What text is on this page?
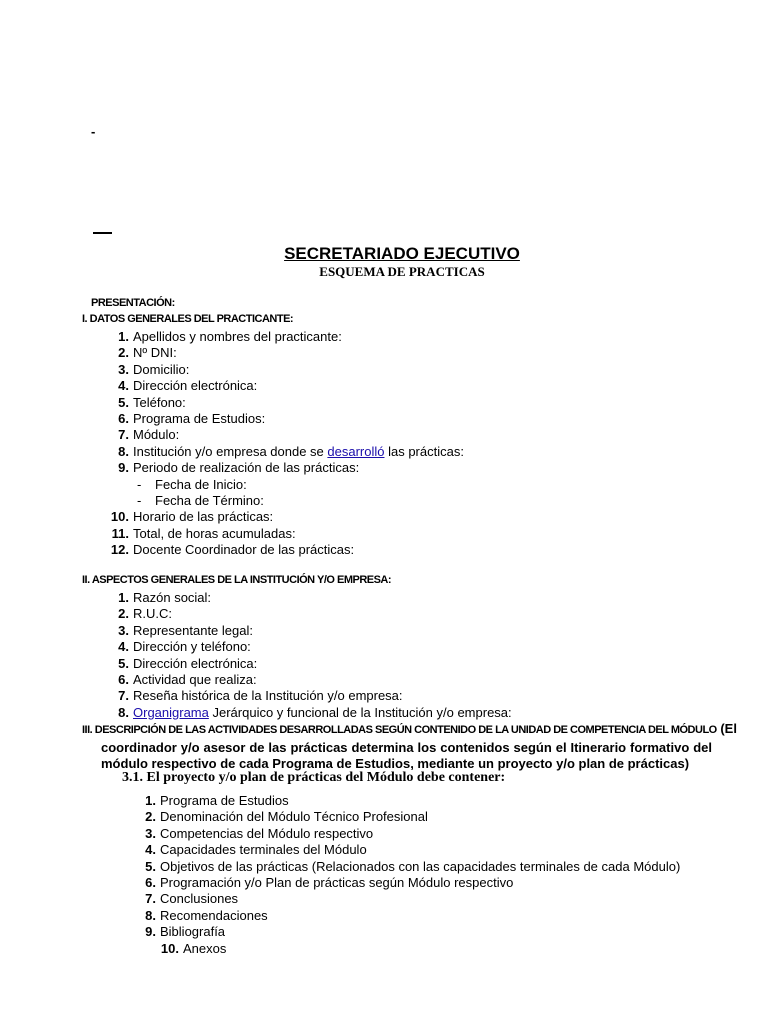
-
SECRETARIADO EJECUTIVO
ESQUEMA DE PRACTICAS
PRESENTACIÓN:
I. DATOS GENERALES DEL PRACTICANTE:
1. Apellidos y nombres del practicante:
2. Nº DNI:
3. Domicilio:
4. Dirección electrónica:
5. Teléfono:
6. Programa de Estudios:
7. Módulo:
8. Institución y/o empresa donde se desarrolló las prácticas:
9. Periodo de realización de las prácticas:
- Fecha de Inicio:
- Fecha de Término:
10. Horario de las prácticas:
11. Total, de horas acumuladas:
12. Docente Coordinador de las prácticas:
II. ASPECTOS GENERALES DE LA INSTITUCIÓN Y/O EMPRESA:
1. Razón social:
2. R.U.C:
3. Representante legal:
4. Dirección y teléfono:
5. Dirección electrónica:
6. Actividad que realiza:
7. Reseña histórica de la Institución y/o empresa:
8. Organigrama Jerárquico y funcional de la Institución y/o empresa:
III. DESCRIPCIÓN DE LAS ACTIVIDADES DESARROLLADAS SEGÚN CONTENIDO DE LA UNIDAD DE COMPETENCIA DEL MÓDULO (El
coordinador y/o asesor de las prácticas determina los contenidos según el Itinerario formativo del módulo respectivo de cada Programa de Estudios, mediante un proyecto y/o plan de prácticas)
3.1. El proyecto y/o plan de prácticas del Módulo debe contener:
1. Programa de Estudios
2. Denominación del Módulo Técnico Profesional
3. Competencias del Módulo respectivo
4. Capacidades terminales del Módulo
5. Objetivos de las prácticas (Relacionados con las capacidades terminales de cada Módulo)
6. Programación y/o Plan de prácticas según Módulo respectivo
7. Conclusiones
8. Recomendaciones
9. Bibliografía
10. Anexos
